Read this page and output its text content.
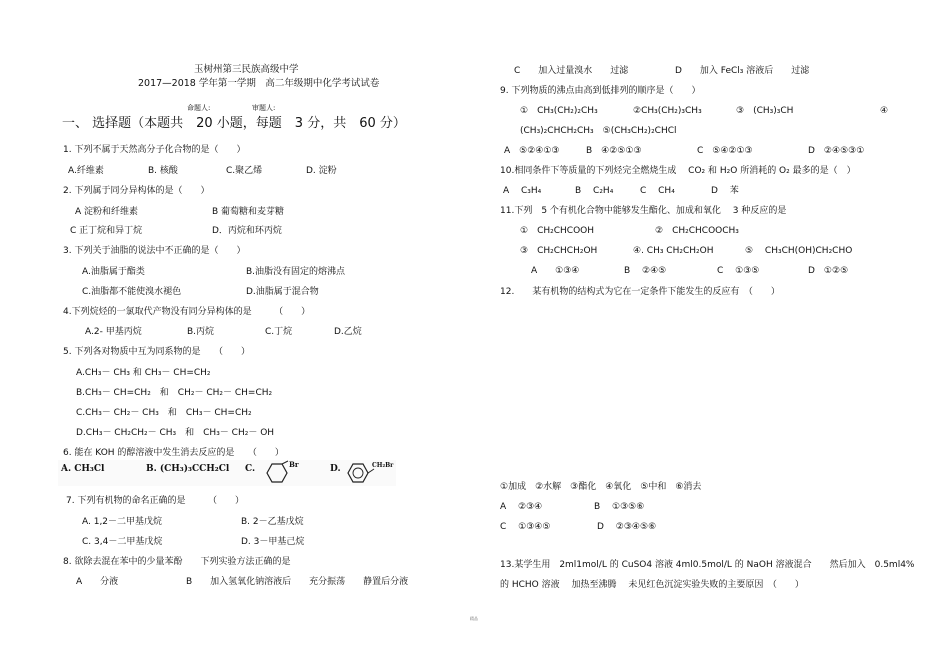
玉树州第三民族高级中学
2017—2018 学年第一学期　高二年级期中化学考试试卷
命题人:	审题人:
一、 选择题（本题共　20 小题，每题　3 分，共　60 分）
1. 下列不属于天然高分子化合物的是（　　）
A.纤维素	B. 核酸	C.聚乙烯	D. 淀粉
2. 下列属于同分异构体的是（　　）
A 淀粉和纤维素	B 葡萄糖和麦芽糖
C 正丁烷和异丁烷	D．丙烷和环丙烷
3. 下列关于油脂的说法中不正确的是（　　）
A.油脂属于酯类	B.油脂没有固定的熔沸点
C.油脂都不能使溴水褪色	D.油脂属于混合物
4.下列烷烃的一氯取代产物没有同分异构体的是　　　（　　）
A.2- 甲基丙烷	B.丙烷	C.丁烷	D.乙烷
5. 下列各对物质中互为同系物的是　　（　　）
A.CH₃－ CH₃ 和 CH₃－ CH=CH₂
B.CH₃－ CH=CH₂　和　CH₂－ CH₂－ CH=CH₂
C.CH₃－ CH₂－ CH₃　和　CH₃－ CH=CH₂
D.CH₃－ CH₂CH₂－ CH₃　和　CH₃－ CH₂－ OH
6. 能在 KOH 的醇溶液中发生消去反应的是　　（　　）
A. CH₃Cl	B. (CH₃)₃CCH₂Cl C.	Br	D.	CH₂Br
7. 下列有机物的命名正确的是　　　（　　）
A. 1,2－二甲基戊烷	B. 2－乙基戊烷
C. 3,4－二甲基戊烷	D. 3－甲基己烷
8. 欲除去混在苯中的少量苯酚　　下列实验方法正确的是
A　　分液	B　　加入氢氧化钠溶液后　　充分振荡　　静置后分液
C　　加入过量溴水　　过滤	D　　加入 FeCl₃ 溶液后　　过滤
9. 下列物质的沸点由高到低排列的顺序是（　　）
①　CH₃(CH₂)₂CH₃	②CH₃(CH₂)₃CH₃	③　(CH₃)₃CH	④
(CH₃)₂CHCH₂CH₃　⑤(CH₃CH₂)₂CHCl
A　⑤②④①③	B　④②⑤①③	C　⑤④②①③	D　②④⑤③①
10.相同条件下等质量的下列烃完全燃烧生成　 CO₂ 和 H₂O 所消耗的 O₂ 最多的是（　）
A　 C₃H₄	B　 C₂H₄	C　 CH₄	D　 苯
11.下列　5 个有机化合物中能够发生酯化、加成和氧化　 3 种反应的是
①　CH₂CHCOOH	②　CH₂CHCOOCH₃
③　CH₂CHCH₂OH	④. CH₃ CH₂CH₂OH	⑤　 CH₃CH(OH)CH₂CHO
A　　①③④	B　 ②④⑤	C　 ①③⑤	D　①②⑤
12.　　某有机物的结构式为它在一定条件下能发生的反应有　（　　）
①加成　②水解　③酯化　④氧化　⑤中和　⑥消去
A　 ②③④	B　 ①③⑤⑥
C　 ①③④⑤	D　 ②③④⑤⑥
13.某学生用　2ml1mol/L 的 CuSO4 溶液 4ml0.5mol/L 的 NaOH 溶液混合　　然后加入　0.5ml4%
的 HCHO 溶液　 加热至沸腾　 未见红色沉淀实验失败的主要原因　（　　）
精品
